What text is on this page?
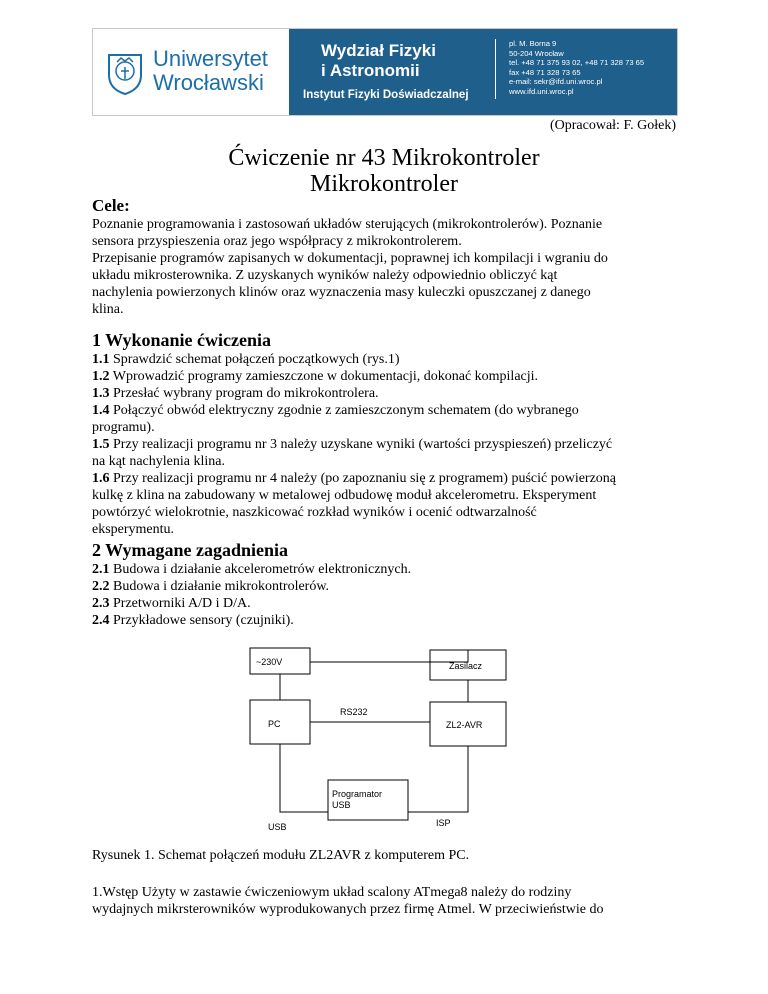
Uniwersytet
Wrocławski
Wydział Fizyki
i Astronomii
Instytut Fizyki Doświadczalnej
pl. M. Borna 9
50-204 Wrocław
tel. +48 71 375 93 02, +48 71 328 73 65
fax +48 71 328 73 65
e-mail: sekr@ifd.uni.wroc.pl
www.ifd.uni.wroc.pl
(Opracował: F. Gołek)
Ćwiczenie nr 43 Mikrokontroler
Mikrokontroler
Cele:
Poznanie programowania i zastosowań układów sterujących (mikrokontrolerów). Poznanie
sensora przyspieszenia oraz jego współpracy z mikrokontrolerem.
Przepisanie programów zapisanych w dokumentacji, poprawnej ich kompilacji i wgraniu do
układu mikrosterownika. Z uzyskanych wyników należy odpowiednio obliczyć kąt
nachylenia powierzonych klinów oraz wyznaczenia masy kuleczki opuszczanej z danego
klina.
1 Wykonanie ćwiczenia
1.1 Sprawdzić schemat połączeń początkowych (rys.1)
1.2 Wprowadzić programy zamieszczone w dokumentacji, dokonać kompilacji.
1.3 Przesłać wybrany program do mikrokontrolera.
1.4 Połączyć obwód elektryczny zgodnie z zamieszczonym schematem (do wybranego
programu).
1.5 Przy realizacji programu nr 3 należy uzyskane wyniki (wartości przyspieszeń) przeliczyć
na kąt nachylenia klina.
1.6 Przy realizacji programu nr 4 należy (po zapoznaniu się z programem) puścić powierzoną
kulkę z klina na zabudowany w metalowej odbudowę moduł akcelerometru. Eksperyment
powtórzyć wielokrotnie, naszkicować rozkład wyników i ocenić odtwarzalność
eksperymentu.
2 Wymagane zagadnienia
2.1 Budowa i działanie akcelerometrów elektronicznych.
2.2 Budowa i działanie mikrokontrolerów.
2.3 Przetworniki A/D i D/A.
2.4 Przykładowe sensory (czujniki).
~230V	Zasilacz
PC
RS232
ZL2-AVR
Programator
USB
USB	ISP
Rysunek 1. Schemat połączeń modułu ZL2AVR z komputerem PC.
1.Wstęp Użyty w zastawie ćwiczeniowym układ scalony ATmega8 należy do rodziny
wydajnych mikrsterowników wyprodukowanych przez firmę Atmel. W przeciwieństwie do
